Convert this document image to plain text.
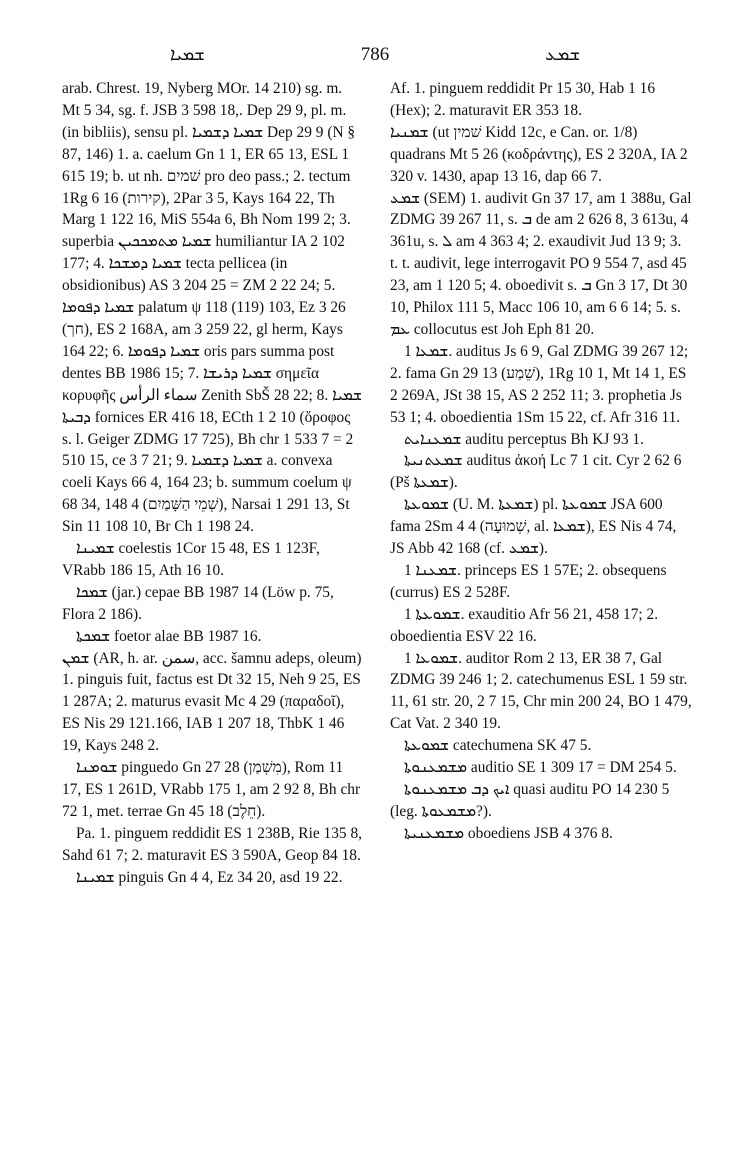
ܫܡܝܐ	786	ܫܡܥ

arab. Chrest. 19, Nyberg MOr. 14 210) sg. m. Mt 5 34, sg. f. JSB 3 598 18,. Dep 29 9, pl. m. (in bibliis), sensu pl. ܫܡܝܐ ܕܫܡܝܐ Dep 29 9 (N § 87, 146) 1. a. caelum Gn 1 1, ER 65 13, ESL 1 615 19; b. ut nh. שׁמים pro deo pass.; 2. tectum 1Rg 6 16 (קירות), 2Par 3 5, Kays 164 22, Th Marg 1 122 16, MiS 554a 6, Bh Nom 199 2; 3. superbia ܫܡܝܐ ܡܬܡܟܟܝܢ humiliantur IA 2 102 177; 4. ܫܡܝܐ ܕܡܫܟܐ tecta pellicea (in obsidionibus) AS 3 204 25 = ZM 2 22 24; 5. ܫܡܝܐ ܕܦܘܡܐ palatum ψ 118 (119) 103, Ez 3 26 (חך), ES 2 168A, am 3 259 22, gl herm, Kays 164 22; 6. ܫܡܝܐ ܕܦܘܡܐ oris pars summa post dentes BB 1986 15; 7. ܫܡܝܐ ܕܪܝܫܐ σημεῖα κορυφῆς سماء الرأس Zenith SbŠ 28 22; 8. ܫܡܝܐ ܕܒܝܬܐ fornices ER 416 18, ECth 1 2 10 (ὄροφος s. l. Geiger ZDMG 17 725), Bh chr 1 533 7 = 2 510 15, ce 3 7 21; 9. ܫܡܝܐ ܕܫܡܝܐ a. convexa coeli Kays 66 4, 164 23; b. summum coelum ψ 68 34, 148 4 (שְׁמֵי הַשָּׁמַיִם), Narsai 1 291 13, St Sin 11 108 10, Br Ch 1 198 24.

ܫܡܝܢܐ coelestis 1Cor 15 48, ES 1 123F, VRabb 186 15, Ath 16 10.

ܫܡܟܐ (jar.) cepae BB 1987 14 (Löw p. 75, Flora 2 186).

ܫܡܟܬܐ foetor alae BB 1987 16.

ܫܡܢ (AR, h. ar. سمن, acc. šamnu adeps, oleum) 1. pinguis fuit, factus est Dt 32 15, Neh 9 25, ES 1 287A; 2. maturus evasit Mc 4 29 (παραδοῖ), ES Nis 29 121.166, IAB 1 207 18, ThbK 1 46 19, Kays 248 2.

ܫܘܡܢܐ pinguedo Gn 27 28 (מִשְׁמַן), Rom 11 17, ES 1 261D, VRabb 175 1, am 2 92 8, Bh chr 72 1, met. terrae Gn 45 18 (חֵלֶב).

Pa. 1. pinguem reddidit ES 1 238B, Rie 135 8, Sahd 61 7; 2. maturavit ES 3 590A, Geop 84 18.

ܫܡܝܢܐ pinguis Gn 4 4, Ez 34 20, asd 19 22.

Af. 1. pinguem reddidit Pr 15 30, Hab 1 16 (Hex); 2. maturavit ER 353 18.

ܫܡܢܝܐ (ut שׁמין Kidd 12c, e Can. or. 1/8) quadrans Mt 5 26 (κοδράντης), ES 2 320A, IA 2 320 v. 1430, apap 13 16, dap 66 7.

ܫܡܥ (SEM) 1. audivit Gn 37 17, am 1 388u, Gal ZDMG 39 267 11, s. ܒ de am 2 626 8, 3 613u, 4 361u, s. ܠ am 4 363 4; 2. exaudivit Jud 13 9; 3. t. t. audivit, lege interrogavit PO 9 554 7, asd 45 23, am 1 120 5; 4. oboedivit s. ܒ Gn 3 17, Dt 30 10, Philox 111 5, Macc 106 10, am 6 6 14; 5. s. ܥܡ collocutus est Joh Eph 81 20.

ܫܡܥܐ 1. auditus Js 6 9, Gal ZDMG 39 267 12; 2. fama Gn 29 13 (שֵׁמַע), 1Rg 10 1, Mt 14 1, ES 2 269A, JSt 38 15, AS 2 252 11; 3. prophetia Js 53 1; 4. oboedientia 1Sm 15 22, cf. Afr 316 11.

ܫܡܥܢܐܝܬ auditu perceptus Bh KJ 93 1.

ܫܡܥܬܢܝܬܐ auditus ἀκοή Lc 7 1 cit. Cyr 2 62 6 (Pš ܫܡܥܬܐ).

ܫܡܘܥܬܐ (U. M. ܫܡܥܬܐ) pl. ܫܡܘܥܬܐ JSA 600 fama 2Sm 4 4 (שְׁמוּעָה, al. ܫܡܥܐ), ES Nis 4 74, JS Abb 42 168 (cf. ܫܡܥ).

ܫܡܥܢܐ 1. princeps ES 1 57E; 2. obsequens (currus) ES 2 528F.

ܫܡܘܥܬܐ 1. exauditio Afr 56 21, 458 17; 2. oboedientia ESV 22 16.

ܫܡܘܥܐ 1. auditor Rom 2 13, ER 38 7, Gal ZDMG 39 246 1; 2. catechumenus ESL 1 59 str. 11, 61 str. 20, 2 7 15, Chr min 200 24, BO 1 479, Cat Vat. 2 340 19.

ܫܡܘܥܬܐ catechumena SK 47 5.

ܡܫܡܥܢܘܬܐ auditio SE 1 309 17 = DM 254 5.

ܐܝܟ ܕܒ ܡܫܡܥܢܘܬܐ quasi auditu PO 14 230 5 (leg. ܡܫܡܥܘܬܐ?).

ܡܫܡܥܢܝܬܐ oboediens JSB 4 376 8.
